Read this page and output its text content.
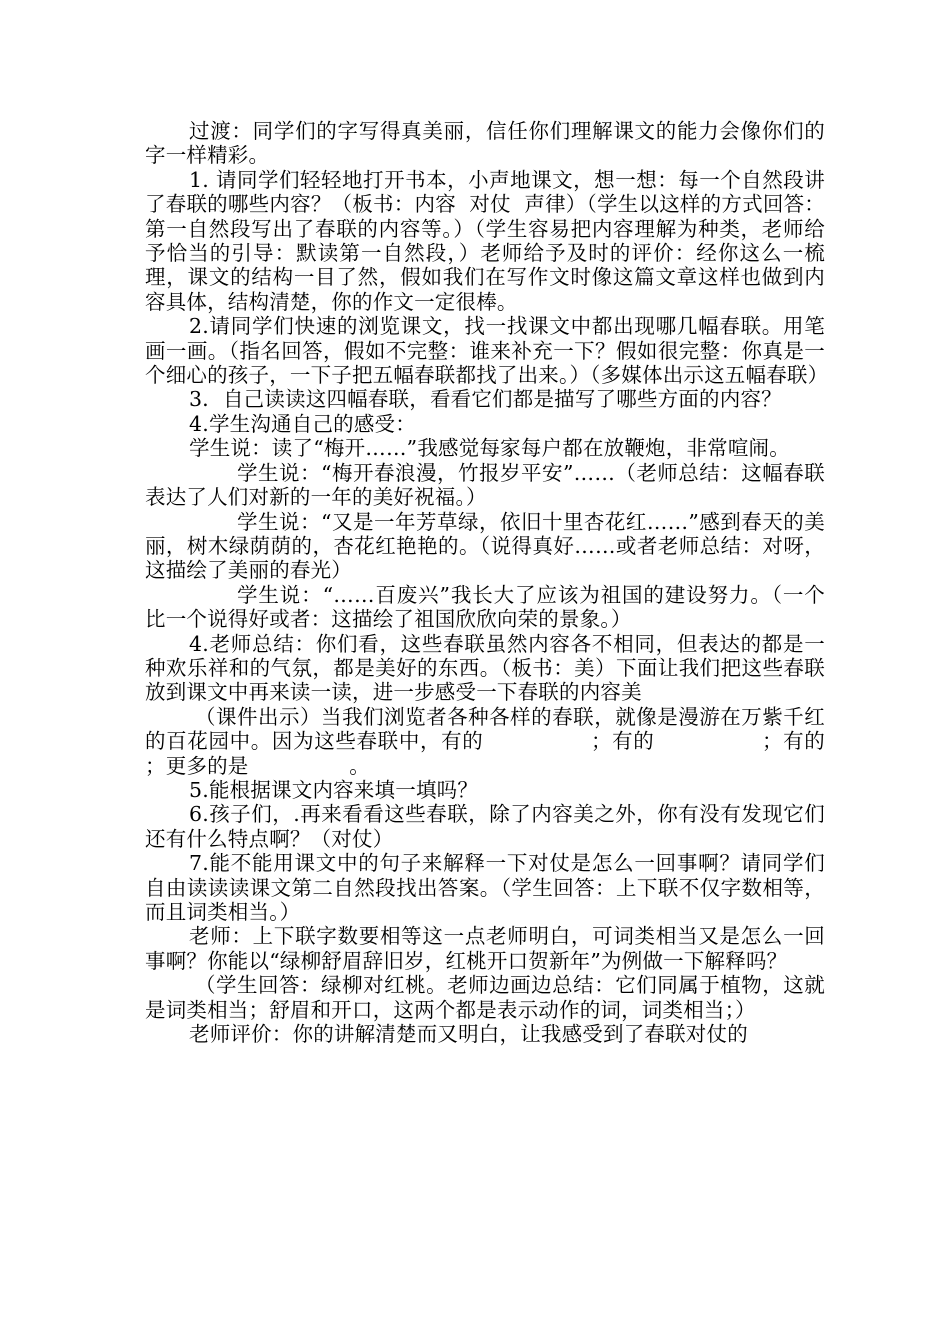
过渡：同学们的字写得真美丽，信任你们理解课文的能力会像你们的字一样精彩。

1. 请同学们轻轻地打开书本，小声地课文，想一想：每一个自然段讲了春联的哪些内容？（板书：内容  对仗  声律）（学生以这样的方式回答：第一自然段写出了春联的内容等。）（学生容易把内容理解为种类，老师给予恰当的引导：默读第一自然段，）老师给予及时的评价：经你这么一梳理，课文的结构一目了然，假如我们在写作文时像这篇文章这样也做到内容具体，结构清楚，你的作文一定很棒。

2.请同学们快速的浏览课文，找一找课文中都出现哪几幅春联。用笔画一画。（指名回答，假如不完整：谁来补充一下？假如很完整：你真是一个细心的孩子，一下子把五幅春联都找了出来。）（多媒体出示这五幅春联）

3．自己读读这四幅春联，看看它们都是描写了哪些方面的内容？

4.学生沟通自己的感受：

学生说：读了“梅开……”我感觉每家每户都在放鞭炮，非常喧闹。

学生说：“梅开春浪漫，竹报岁平安”……（老师总结：这幅春联表达了人们对新的一年的美好祝福。）

学生说：“又是一年芳草绿，依旧十里杏花红……”感到春天的美丽，树木绿荫荫的，杏花红艳艳的。（说得真好……或者老师总结：对呀，这描绘了美丽的春光）

学生说：“……百废兴”我长大了应该为祖国的建设努力。（一个比一个说得好或者：这描绘了祖国欣欣向荣的景象。）

4.老师总结：你们看，这些春联虽然内容各不相同，但表达的都是一种欢乐祥和的气氛，都是美好的东西。（板书：美）下面让我们把这些春联放到课文中再来读一读，进一步感受一下春联的内容美

（课件出示）当我们浏览者各种各样的春联，就像是漫游在万紫千红的百花园中。因为这些春联中，有的               ；有的               ；有的               ；更多的是               。

5.能根据课文内容来填一填吗？

6.孩子们，.再来看看这些春联，除了内容美之外，你有没有发现它们还有什么特点啊？（对仗）

7.能不能用课文中的句子来解释一下对仗是怎么一回事啊？请同学们自由读读读课文第二自然段找出答案。（学生回答：上下联不仅字数相等，而且词类相当。）

老师：上下联字数要相等这一点老师明白，可词类相当又是怎么一回事啊？你能以“绿柳舒眉辞旧岁，红桃开口贺新年”为例做一下解释吗？

（学生回答：绿柳对红桃。老师边画边总结：它们同属于植物，这就是词类相当；舒眉和开口，这两个都是表示动作的词，词类相当；）

老师评价：你的讲解清楚而又明白，让我感受到了春联对仗的
